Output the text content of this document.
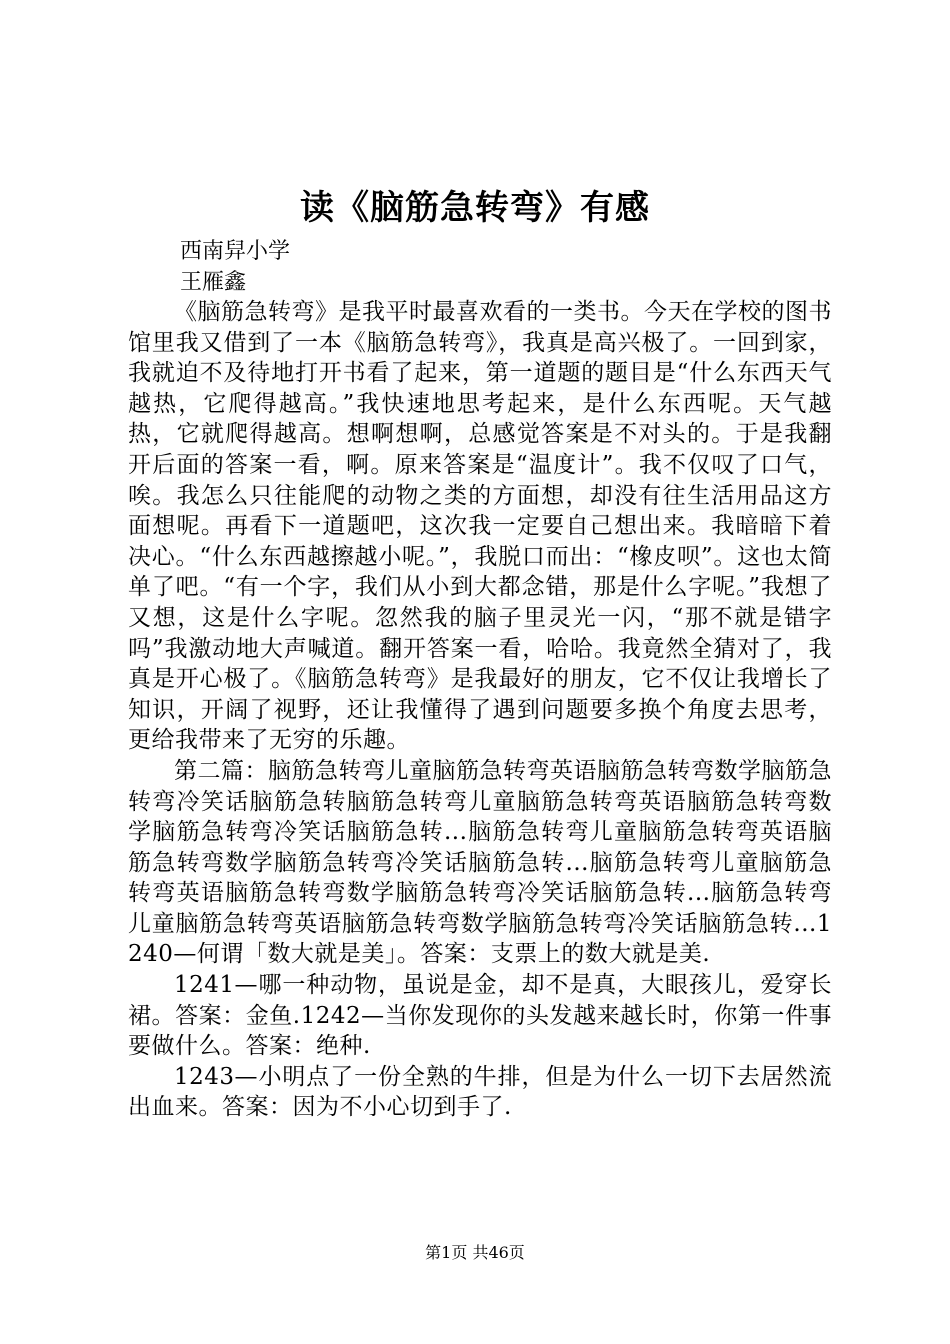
读《脑筋急转弯》有感
西南舁小学
王雁鑫

《脑筋急转弯》是我平时最喜欢看的一类书。今天在学校的图书馆里我又借到了一本《脑筋急转弯》，我真是高兴极了。一回到家，我就迫不及待地打开书看了起来，第一道题的题目是“什么东西天气越热，它爬得越高。”我快速地思考起来，是什么东西呢。天气越热，它就爬得越高。想啊想啊，总感觉答案是不对头的。于是我翻开后面的答案一看，啊。原来答案是“温度计”。我不仅叹了口气，唉。我怎么只往能爬的动物之类的方面想，却没有往生活用品这方面想呢。再看下一道题吧，这次我一定要自己想出来。我暗暗下着决心。“什么东西越擦越小呢。”，我脱口而出：“橡皮呗”。这也太简单了吧。“有一个字，我们从小到大都念错，那是什么字呢。”我想了又想，这是什么字呢。忽然我的脑子里灵光一闪，“那不就是错字吗”我激动地大声喊道。翻开答案一看，哈哈。我竟然全猜对了，我真是开心极了。《脑筋急转弯》是我最好的朋友，它不仅让我增长了知识，开阔了视野，还让我懂得了遇到问题要多换个角度去思考，更给我带来了无穷的乐趣。

第二篇：脑筋急转弯儿童脑筋急转弯英语脑筋急转弯数学脑筋急转弯冷笑话脑筋急转脑筋急转弯儿童脑筋急转弯英语脑筋急转弯数学脑筋急转弯冷笑话脑筋急转...脑筋急转弯儿童脑筋急转弯英语脑筋急转弯数学脑筋急转弯冷笑话脑筋急转...脑筋急转弯儿童脑筋急转弯英语脑筋急转弯数学脑筋急转弯冷笑话脑筋急转...脑筋急转弯儿童脑筋急转弯英语脑筋急转弯数学脑筋急转弯冷笑话脑筋急转...1240—何谓「数大就是美」。答案：支票上的数大就是美.

1241—哪一种动物，虽说是金，却不是真，大眼孩儿，爱穿长裙。答案：金鱼.1242—当你发现你的头发越来越长时，你第一件事要做什么。答案：绝种.

1243—小明点了一份全熟的牛排，但是为什么一切下去居然流出血来。答案：因为不小心切到手了.

第1页 共46页
